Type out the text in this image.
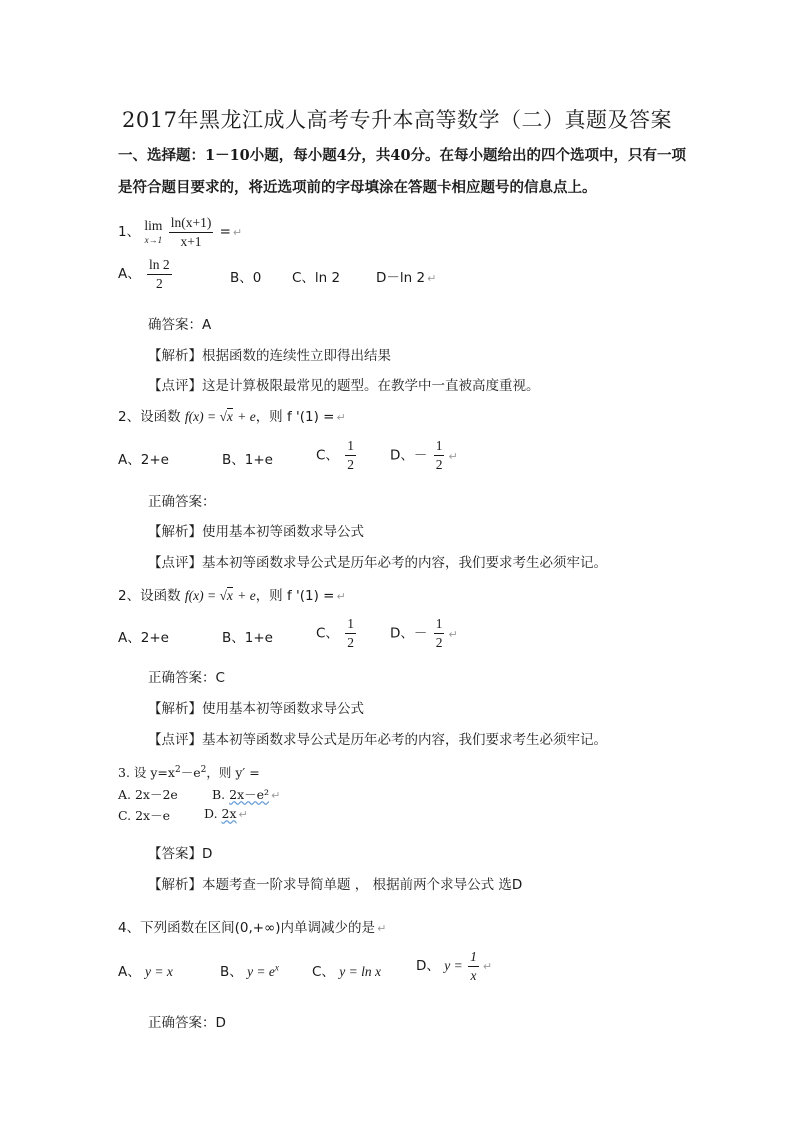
2017年黑龙江成人高考专升本高等数学（二）真题及答案
一、选择题：1－10小题，每小题4分，共40分。在每小题给出的四个选项中，只有一项是符合题目要求的，将近选项前的字母填涂在答题卡相应题号的信息点上。
1、 lim
x→1
$\frac{\ln(x+1)}{x+1}$ = ↵
A、 $\frac{\ln 2}{2}$	B、0 C、ln 2	D－ln 2 ↵
确答案：A
【解析】根据函数的连续性立即得出结果
【点评】这是计算极限最常见的题型。在教学中一直被高度重视。
2、设函数 f(x) = √x + e，则 f '(1) = ↵
A、2+e	B、1+e	C、 $\frac{1}{2}$	D、－ $\frac{1}{2}$ ↵
正确答案：
【解析】使用基本初等函数求导公式
【点评】基本初等函数求导公式是历年必考的内容，我们要求考生必须牢记。
2、设函数 f(x) = √x + e，则 f '(1) = ↵
A、2+e	B、1+e	C、 $\frac{1}{2}$	D、－ $\frac{1}{2}$ ↵
正确答案：C
【解析】使用基本初等函数求导公式
【点评】基本初等函数求导公式是历年必考的内容，我们要求考生必须牢记。
3. 设 $y=x^2-e^2$，则 y′ =
A. 2x－2e	B. 2x－e² ↵
C. 2x－e	D. 2x ↵
【答案】D
【解析】本题考查一阶求导简单题 ， 根据前两个求导公式 选D
4、下列函数在区间(0,+∞)内单调减少的是 ↵
A、 y = x	B、 $y = e^x$ C、 y = ln x	D、 $y = \frac{1}{x}$ ↵
正确答案：D
